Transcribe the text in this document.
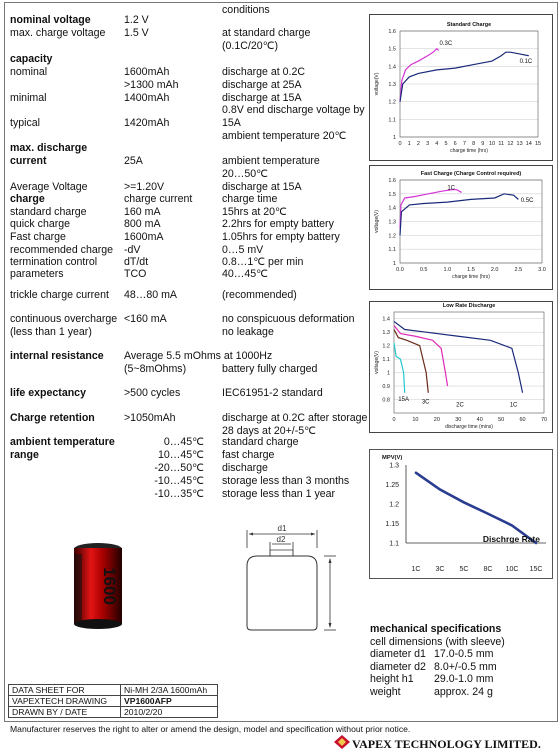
conditions
nominal voltage	1.2 V
max. charge voltage 1.5 V	at standard charge
(0.1C/20℃)
capacity
nominal	1600mAh	discharge at 0.2C
>1300 mAh	discharge at 25A
minimal	1400mAh	discharge at 15A
0.8V end discharge voltage by
typical	1420mAh	15A
ambient temperature 20℃
max. discharge
current	25A	ambient temperature
20…50℃
Average Voltage	>=1.20V	discharge at 15A
charge	charge current	charge time
standard charge	160 mA	15hrs at 20℃
quick charge	800 mA	2.2hrs for empty battery
Fast charge	1600mA	1.05hrs for empty battery
recommended charge -dV	0…5 mV
termination control	dT/dt	0.8…1℃ per min
parameters	TCO	40…45℃
trickle charge current 48…80 mA	(recommended)
continuous overcharge
(less than 1 year)
<160 mA	no conspicuous deformation
no leakage
internal resistance Average 5.5 mOhms at 1000Hz
(5~8mOhms)	battery fully charged
life expectancy	>500 cycles	IEC61951-2 standard
Charge retention	>1050mAh	discharge at 0.2C after storage
28 days at 20+/-5℃
ambient temperature
range
0…45℃ standard charge
10…45℃ fast charge
-20…50℃ discharge
-10…45℃ storage less than 3 months
-10…35℃ storage less than 1 year
Standard Charge
1
1.1
1.2
1.3
1.4
1.5
1.6
0 1 2 3 4 5 6 7 8 9 10 11 12 13 14 15
charge time (hrs)
voltage(V)
0.3C
0.1C
Fast Charge (Charge Control required)
1
1.1
1.2
1.3
1.4
1.5
1.6
0.0	0.5	1.0	1.5	2.0	2.5	3.0
charge time (hrs)
voltage(V)
1C
0.5C
Low Rate Discharge
0.8
0.9
1
1.1
1.2
1.3
1.4
0	10	20	30	40	50	60	70
discharge time (mins)
voltage(V)
15A 3C	2C	1C
MPV(V)
1.1
1.15
1.2
1.25
1.3
1C 3C 5C 8C 10C 15C
Dischrge Rate
1600
d1
d2
mechanical specifications
cell dimensions (with sleeve)
diameter d1 17.0-0.5 mm
diameter d2 8.0+/-0.5 mm
height h1 29.0-1.0 mm
weight	approx. 24 g
DATA SHEET FOR	Ni-MH 2/3A 1600mAh
VAPEXTECH DRAWING	VP1600AFP
DRAWN BY / DATE	2010/2/20
Manufacturer reserves the right to alter or amend the design, model and specification without prior notice.
VAPEX TECHNOLOGY LIMITED.
